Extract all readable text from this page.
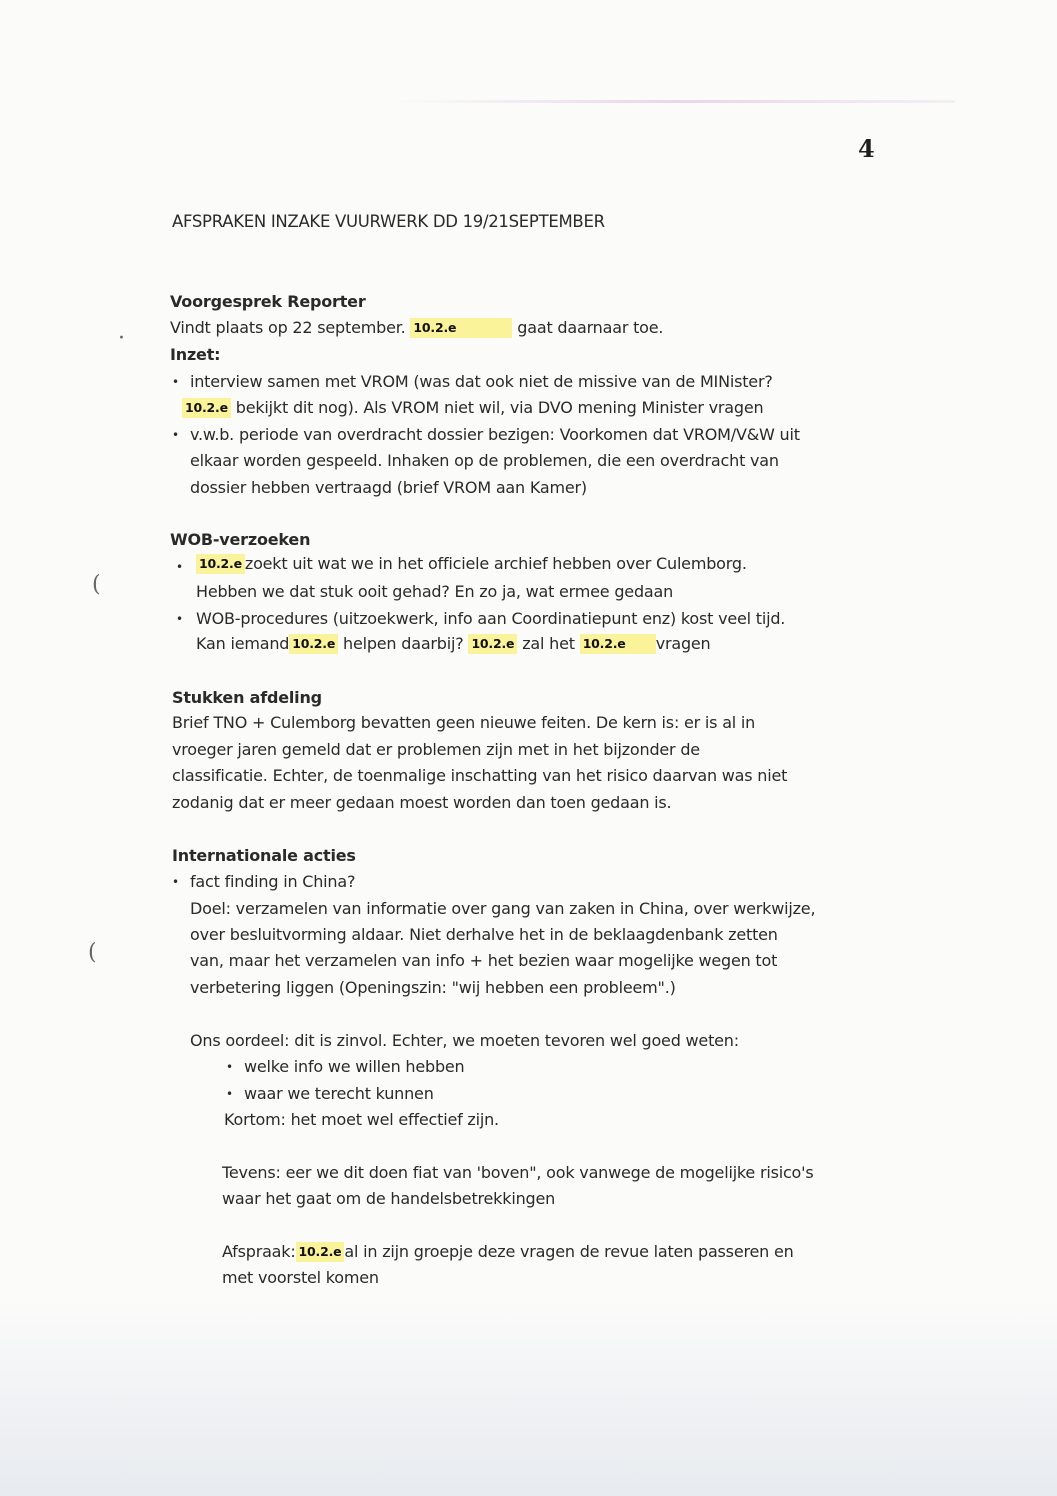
·
(
(
4
AFSPRAKEN INZAKE VUURWERK DD 19/21SEPTEMBER
Voorgesprek Reporter
Vindt plaats op 22 september. 10.2.e	gaat daarnaar toe.
Inzet:
• interview samen met VROM (was dat ook niet de missive van de MINister?
10.2.e bekijkt dit nog). Als VROM niet wil, via DVO mening Minister vragen
• v.w.b. periode van overdracht dossier bezigen: Voorkomen dat VROM/V&W uit
elkaar worden gespeeld. Inhaken op de problemen, die een overdracht van
dossier hebben vertraagd (brief VROM aan Kamer)
WOB-verzoeken
• 10.2.e zoekt uit wat we in het officiele archief hebben over Culemborg.
Hebben we dat stuk ooit gehad? En zo ja, wat ermee gedaan
• WOB-procedures (uitzoekwerk, info aan Coordinatiepunt enz) kost veel tijd.
Kan iemand 10.2.e helpen daarbij? 10.2.e zal het 10.2.e vragen
Stukken afdeling
Brief TNO + Culemborg bevatten geen nieuwe feiten. De kern is: er is al in
vroeger jaren gemeld dat er problemen zijn met in het bijzonder de
classificatie. Echter, de toenmalige inschatting van het risico daarvan was niet
zodanig dat er meer gedaan moest worden dan toen gedaan is.
Internationale acties
• fact finding in China?
Doel: verzamelen van informatie over gang van zaken in China, over werkwijze,
over besluitvorming aldaar. Niet derhalve het in de beklaagdenbank zetten
van, maar het verzamelen van info + het bezien waar mogelijke wegen tot
verbetering liggen (Openingszin: "wij hebben een probleem".)
Ons oordeel: dit is zinvol. Echter, we moeten tevoren wel goed weten:
• welke info we willen hebben
• waar we terecht kunnen
Kortom: het moet wel effectief zijn.
Tevens: eer we dit doen fiat van 'boven", ook vanwege de mogelijke risico's
waar het gaat om de handelsbetrekkingen
Afspraak: 10.2.e al in zijn groepje deze vragen de revue laten passeren en
met voorstel komen
